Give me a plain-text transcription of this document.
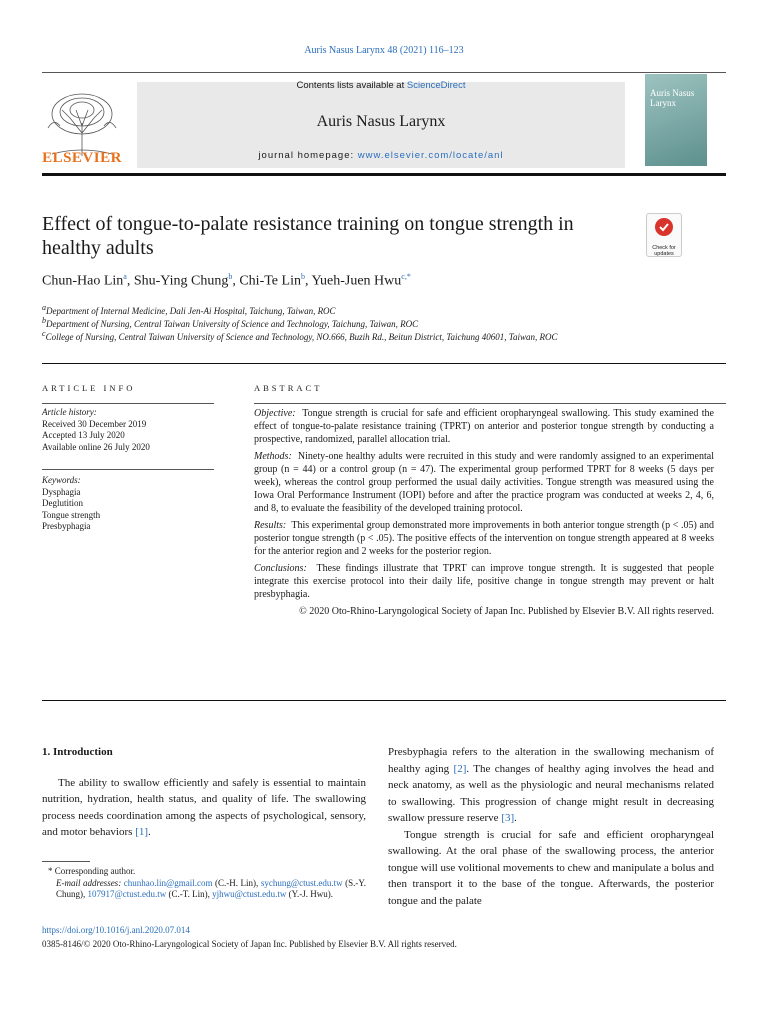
Auris Nasus Larynx 48 (2021) 116–123
ELSEVIER
Contents lists available at ScienceDirect
Auris Nasus Larynx
journal homepage: www.elsevier.com/locate/anl
Auris Nasus Larynx
Effect of tongue-to-palate resistance training on tongue strength in healthy adults	Check for updates
Chun-Hao Lin$^a$, Shu-Ying Chung$^b$, Chi-Te Lin$^b$, Yueh-Juen Hwu$^{c,*}$
$^a$Department of Internal Medicine, Dali Jen-Ai Hospital, Taichung, Taiwan, ROC
$^b$Department of Nursing, Central Taiwan University of Science and Technology, Taichung, Taiwan, ROC
$^c$College of Nursing, Central Taiwan University of Science and Technology, NO.666, Buzih Rd., Beitun District, Taichung 40601, Taiwan, ROC
ARTICLE INFO
Article history:
Received 30 December 2019
Accepted 13 July 2020
Available online 26 July 2020
Keywords:
Dysphagia
Deglutition
Tongue strength
Presbyphagia
ABSTRACT

Objective: Tongue strength is crucial for safe and efficient oropharyngeal swallowing. This study examined the effect of tongue-to-palate resistance training (TPRT) on anterior and posterior tongue strength by conducting a prospective, randomized, parallel allocation trial.

Methods: Ninety-one healthy adults were recruited in this study and were randomly assigned to an experimental group (n = 44) or a control group (n = 47). The experimental group performed TPRT for 8 weeks (5 days per week), whereas the control group performed the usual daily activities. Tongue strength was measured using the Iowa Oral Performance Instrument (IOPI) before and after the practice program was conducted at weeks 2, 4, 6, and 8, to evaluate the feasibility of the developed training protocol.

Results: This experimental group demonstrated more improvements in both anterior tongue strength (p < .05) and posterior tongue strength (p < .05). The positive effects of the intervention on tongue strength appeared at 8 weeks for the anterior region and 2 weeks for the posterior region.

Conclusions: These findings illustrate that TPRT can improve tongue strength. It is suggested that people integrate this exercise protocol into their daily life, positive change in tongue strength may prevent or halt presbyphagia.

© 2020 Oto-Rhino-Laryngological Society of Japan Inc. Published by Elsevier B.V. All rights reserved.

1. Introduction

The ability to swallow efficiently and safely is essential to maintain nutrition, hydration, health status, and quality of life. The swallowing process needs coordination among the aspects of psychological, sensory, and motor behaviors [1].

* Corresponding author.
E-mail addresses: chunhao.lin@gmail.com (C.-H. Lin), sychung@ctust.edu.tw (S.-Y. Chung), 107917@ctust.edu.tw (C.-T. Lin), yjhwu@ctust.edu.tw (Y.-J. Hwu).

Presbyphagia refers to the alteration in the swallowing mechanism of healthy aging [2]. The changes of healthy aging involves the head and neck anatomy, as well as the physiologic and neural mechanisms related to swallowing. This progression of change might result in decreasing swallow pressure reserve [3].

Tongue strength is crucial for safe and efficient oropharyngeal swallowing. At the oral phase of the swallowing process, the anterior tongue will use volitional movements to chew and manipulate a bolus and then transport it to the base of the tongue. Afterwards, the posterior tongue and the palate

https://doi.org/10.1016/j.anl.2020.07.014
0385-8146/© 2020 Oto-Rhino-Laryngological Society of Japan Inc. Published by Elsevier B.V. All rights reserved.
